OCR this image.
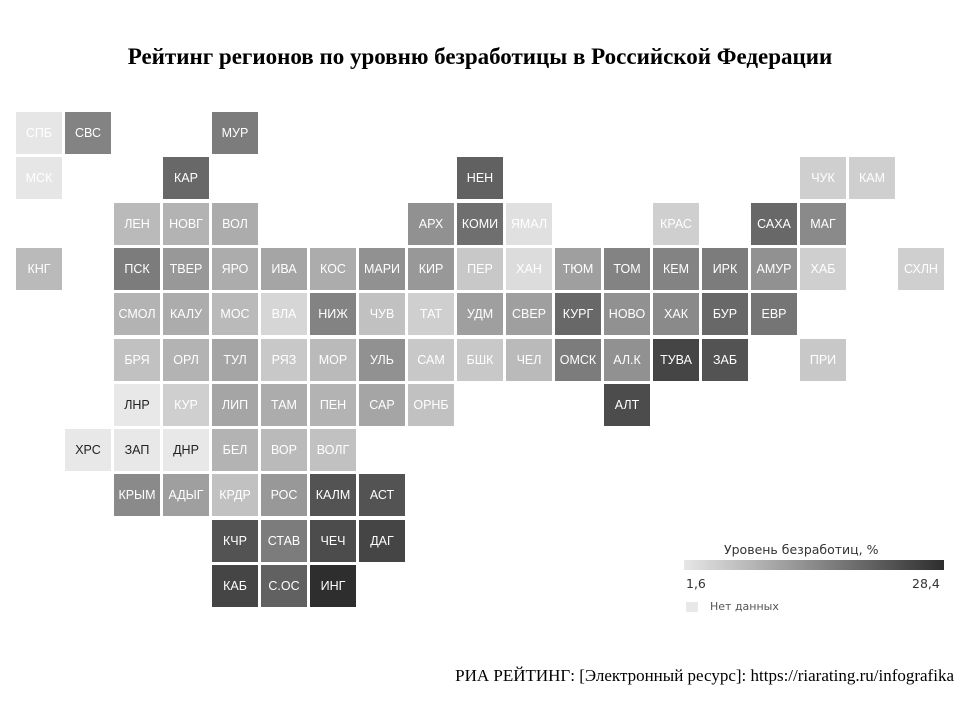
Рейтинг регионов по уровню безработицы в Российской Федерации
СПБ	СВС	МУР
МСК	КАР	НЕН	ЧУК	КАМ
ЛЕН	НОВГ	ВОЛ	АРХ	КОМИ	ЯМАЛ	КРАС	САХА	МАГ
КНГ	ПСК	ТВЕР	ЯРО	ИВА	КОС	МАРИ	КИР	ПЕР	ХАН	ТЮМ	ТОМ	КЕМ	ИРК	АМУР	ХАБ	СХЛН
СМОЛ	КАЛУ	МОС	ВЛА	НИЖ	ЧУВ	ТАТ	УДМ	СВЕР	КУРГ	НОВО	ХАК	БУР	ЕВР
БРЯ	ОРЛ	ТУЛ	РЯЗ	МОР	УЛЬ	САМ	БШК	ЧЕЛ	ОМСК	АЛ.К	ТУВА	ЗАБ	ПРИ
ЛНР	КУР	ЛИП	ТАМ	ПЕН	САР	ОРНБ	АЛТ
ХРС	ЗАП	ДНР	БЕЛ	ВОР	ВОЛГ
КРЫМ	АДЫГ	КРДР	РОС	КАЛМ	АСТ
КЧР	СТАВ	ЧЕЧ	ДАГ
КАБ	С.ОС	ИНГ
Уровень безработиц, %
1,6	28,4
Нет данных
РИА РЕЙТИНГ: [Электронный ресурс]: https://riarating.ru/infografika
